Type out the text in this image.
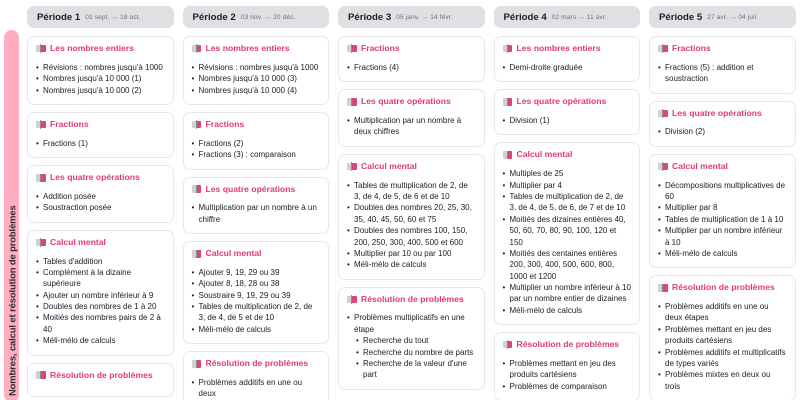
Nombres, calcul et résolution de problèmes
Période 1 01 sept. → 18 oct.
Les nombres entiers
• Révisions : nombres jusqu'à 1000
• Nombres jusqu'à 10 000 (1)
• Nombres jusqu'à 10 000 (2)
Fractions
• Fractions (1)
Les quatre opérations
• Addition posée
• Soustraction posée
Calcul mental
• Tables d'addition
• Complément à la dizaine supérieure
• Ajouter un nombre inférieur à 9
• Doubles des nombres de 1 à 20
• Moitiés des nombres pairs de 2 à 40
• Méli-mélo de calculs
Résolution de problèmes
Période 2 03 nov. → 20 déc.
Les nombres entiers
• Révisions : nombres jusqu'à 1000
• Nombres jusqu'à 10 000 (3)
• Nombres jusqu'à 10 000 (4)
Fractions
• Fractions (2)
• Fractions (3) : comparaison
Les quatre opérations
• Multiplication par un nombre à un chiffre
Calcul mental
• Ajouter 9, 19, 29 ou 39
• Ajouter 8, 18, 28 ou 38
• Soustraire 9, 19, 29 ou 39
• Tables de multiplication de 2, de 3, de 4, de 5 et de 10
• Méli-mélo de calculs
Résolution de problèmes
• Problèmes additifs en une ou deux
Période 3 05 janv. → 14 févr.
Fractions
• Fractions (4)
Les quatre opérations
• Multiplication par un nombre à deux chiffres
Calcul mental
• Tables de multiplication de 2, de 3, de 4, de 5, de 6 et de 10
• Doubles des nombres 20, 25, 30, 35, 40, 45, 50, 60 et 75
• Doubles des nombres 100, 150, 200, 250, 300, 400, 500 et 600
• Multiplier par 10 ou par 100
• Méli-mélo de calculs
Résolution de problèmes
• Problèmes multiplicatifs en une étape
• Recherche du tout
• Recherche du nombre de parts
• Recherche de la valeur d'une part
Période 4 02 mars → 11 avr.
Les nombres entiers
• Demi-droite graduée
Les quatre opérations
• Division (1)
Calcul mental
• Multiples de 25
• Multiplier par 4
• Tables de multiplication de 2, de 3, de 4, de 5, de 6, de 7 et de 10
• Moitiés des dizaines entières 40, 50, 60, 70, 80, 90, 100, 120 et 150
• Moitiés des centaines entières 200, 300, 400, 500, 600, 800, 1000 et 1200
• Multiplier un nombre inférieur à 10 par un nombre entier de dizaines
• Méli-mélo de calculs
Résolution de problèmes
• Problèmes mettant en jeu des produits cartésiens
• Problèmes de comparaison
Période 5 27 avr. → 04 juil.
Fractions
• Fractions (5) : addition et soustraction
Les quatre opérations
• Division (2)
Calcul mental
• Décompositions multiplicatives de 60
• Multiplier par 8
• Tables de multiplication de 1 à 10
• Multiplier par un nombre inférieur à 10
• Méli-mélo de calculs
Résolution de problèmes
• Problèmes additifs en une ou deux étapes
• Problèmes mettant en jeu des produits cartésiens
• Problèmes additifs et multiplicatifs de types variés
• Problèmes mixtes en deux ou trois
